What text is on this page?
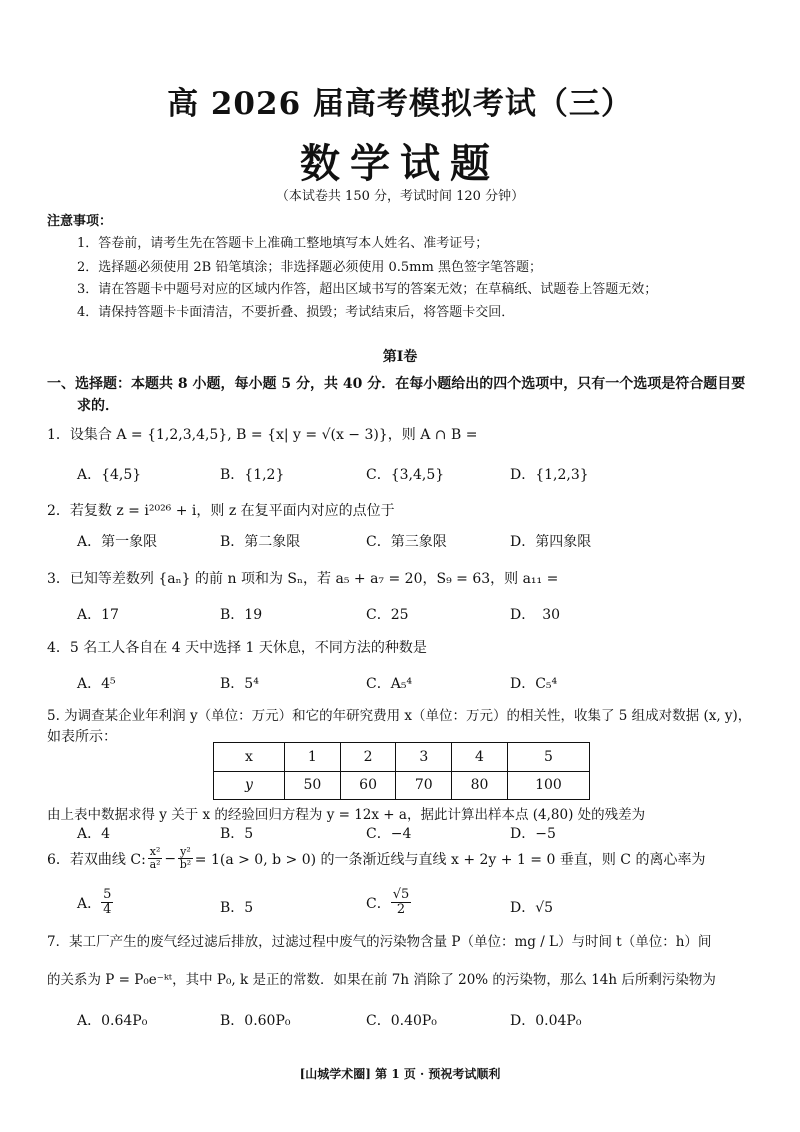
高 2026 届高考模拟考试（三）
数学试题
（本试卷共 150 分，考试时间 120 分钟）
注意事项：
1．答卷前，请考生先在答题卡上准确工整地填写本人姓名、准考证号；
2．选择题必须使用 2B 铅笔填涂；非选择题必须使用 0.5mm 黑色签字笔答题；
3．请在答题卡中题号对应的区域内作答，超出区域书写的答案无效；在草稿纸、试题卷上答题无效；
4．请保持答题卡卡面清洁，不要折叠、损毁；考试结束后，将答题卡交回．
第Ⅰ卷
一、选择题：本题共 8 小题，每小题 5 分，共 40 分．在每小题给出的四个选项中，只有一个选项是符合题目要
求的．
1．设集合 A = {1,2,3,4,5}, B = {x| y = √(x − 3)}，则 A ∩ B =
A．{4,5}	B．{1,2}	C．{3,4,5}	D．{1,2,3}
2．若复数 z = i²⁰²⁶ + i，则 z 在复平面内对应的点位于
A．第一象限	B．第二象限	C．第三象限	D．第四象限
3．已知等差数列 {aₙ} 的前 n 项和为 Sₙ，若 a₅ + a₇ = 20，S₉ = 63，则 a₁₁ =
A．17	B．19	C．25	D．　30
4．5 名工人各自在 4 天中选择 1 天休息，不同方法的种数是
A．4⁵	B．5⁴	C．A₅⁴	D．C₅⁴
5. 为调查某企业年利润 y（单位：万元）和它的年研究费用 x（单位：万元）的相关性，收集了 5 组成对数据 (x, y)，
如表所示：
x	1	2	3	4	5
y	50	60	70	80	100
由上表中数据求得 y 关于 x 的经验回归方程为 y = 12x + a，据此计算出样本点 (4,80) 处的残差为
A．4	B．5	C．−4	D．−5
6．若双曲线 C: $\frac{\text{x²}}{\text{a²}} - \frac{\text{y²}}{\text{b²}} = 1(a > 0$, b > 0) 的一条渐近线与直线 x + 2y + 1 = 0 垂直，则 C 的离心率为
A． $\frac{5}{4}$	B．5	C． $\frac{√5}{2}$	D．√5
7．某工厂产生的废气经过滤后排放，过滤过程中废气的污染物含量 P（单位：mg / L）与时间 t（单位：h）间
的关系为 P = P₀e⁻ᵏᵗ，其中 P₀, k 是正的常数．如果在前 7h 消除了 20% 的污染物，那么 14h 后所剩污染物为
A．0.64P₀	B．0.60P₀	C．0.40P₀	D．0.04P₀
[山城学术圈] 第 1 页 · 预祝考试顺利
